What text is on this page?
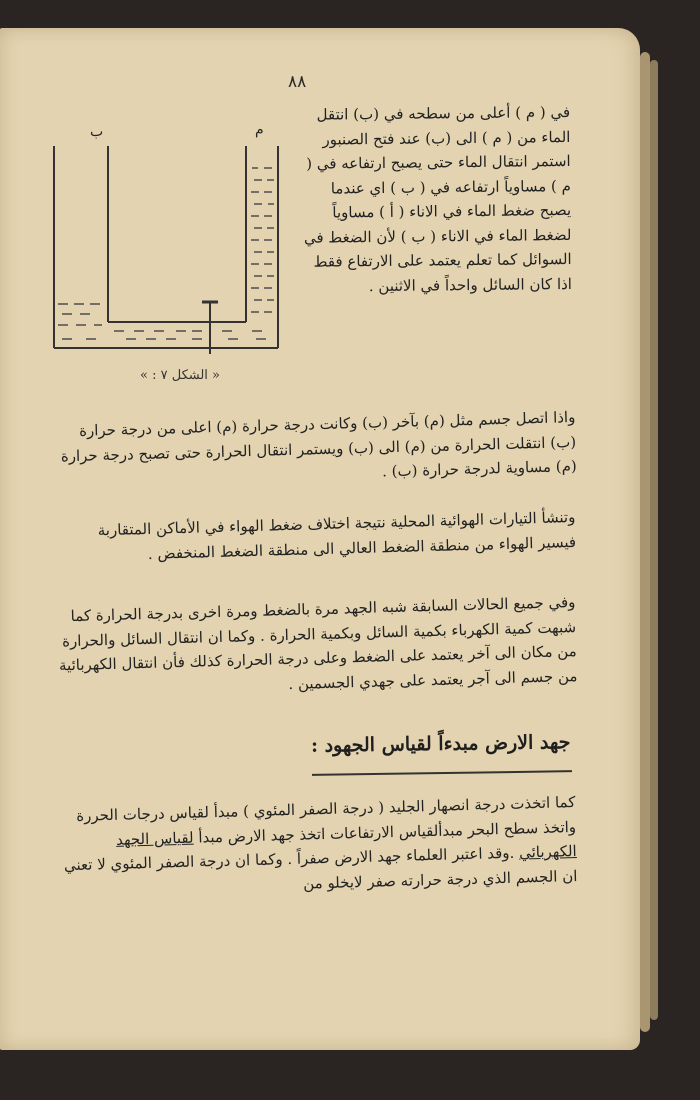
٨٨
في ( م ) أعلى من سطحه في (ب) انتقل الماء من ( م ) الى (ب) عند فتح الصنبور استمر انتقال الماء حتى يصبح ارتفاعه في ( م ) مساوياً ارتفاعه في ( ب ) اي عندما يصبح ضغط الماء في الاناء ( أ ) مساوياً لضغط الماء في الاناء ( ب ) لأن الضغط في السوائل كما تعلم يعتمد على الارتفاع فقط اذا كان السائل واحداً في الاثنين .
ب	م
« الشكل ٧ : »
واذا اتصل جسم مثل (م) بآخر (ب) وكانت درجة حرارة (م) اعلى من درجة حرارة (ب) انتقلت الحرارة من (م) الى (ب) ويستمر انتقال الحرارة حتى تصبح درجة حرارة (م) مساوية لدرجة حرارة (ب) .
وتنشأ التيارات الهوائية المحلية نتيجة اختلاف ضغط الهواء في الأماكن المتقاربة فيسير الهواء من منطقة الضغط العالي الى منطقة الضغط المنخفض .
وفي جميع الحالات السابقة شبه الجهد مرة بالضغط ومرة اخرى بدرجة الحرارة كما شبهت كمية الكهرباء بكمية السائل وبكمية الحرارة . وكما ان انتقال السائل والحرارة من مكان الى آخر يعتمد على الضغط وعلى درجة الحرارة كذلك فأن انتقال الكهربائية من جسم الى آجر يعتمد على جهدي الجسمين .
جهد الارض مبدءاً لقياس الجهود :
كما اتخذت درجة انصهار الجليد ( درجة الصفر المئوي ) مبدأ لقياس درجات الحررة واتخذ سطح البحر مبدألقياس الارتفاعات اتخذ جهد الارض مبدأ لقياس الجهد الكهربائي .وقد اعتبر العلماء جهد الارض صفراً . وكما ان درجة الصفر المئوي لا تعني ان الجسم الذي درجة حرارته صفر لايخلو من
